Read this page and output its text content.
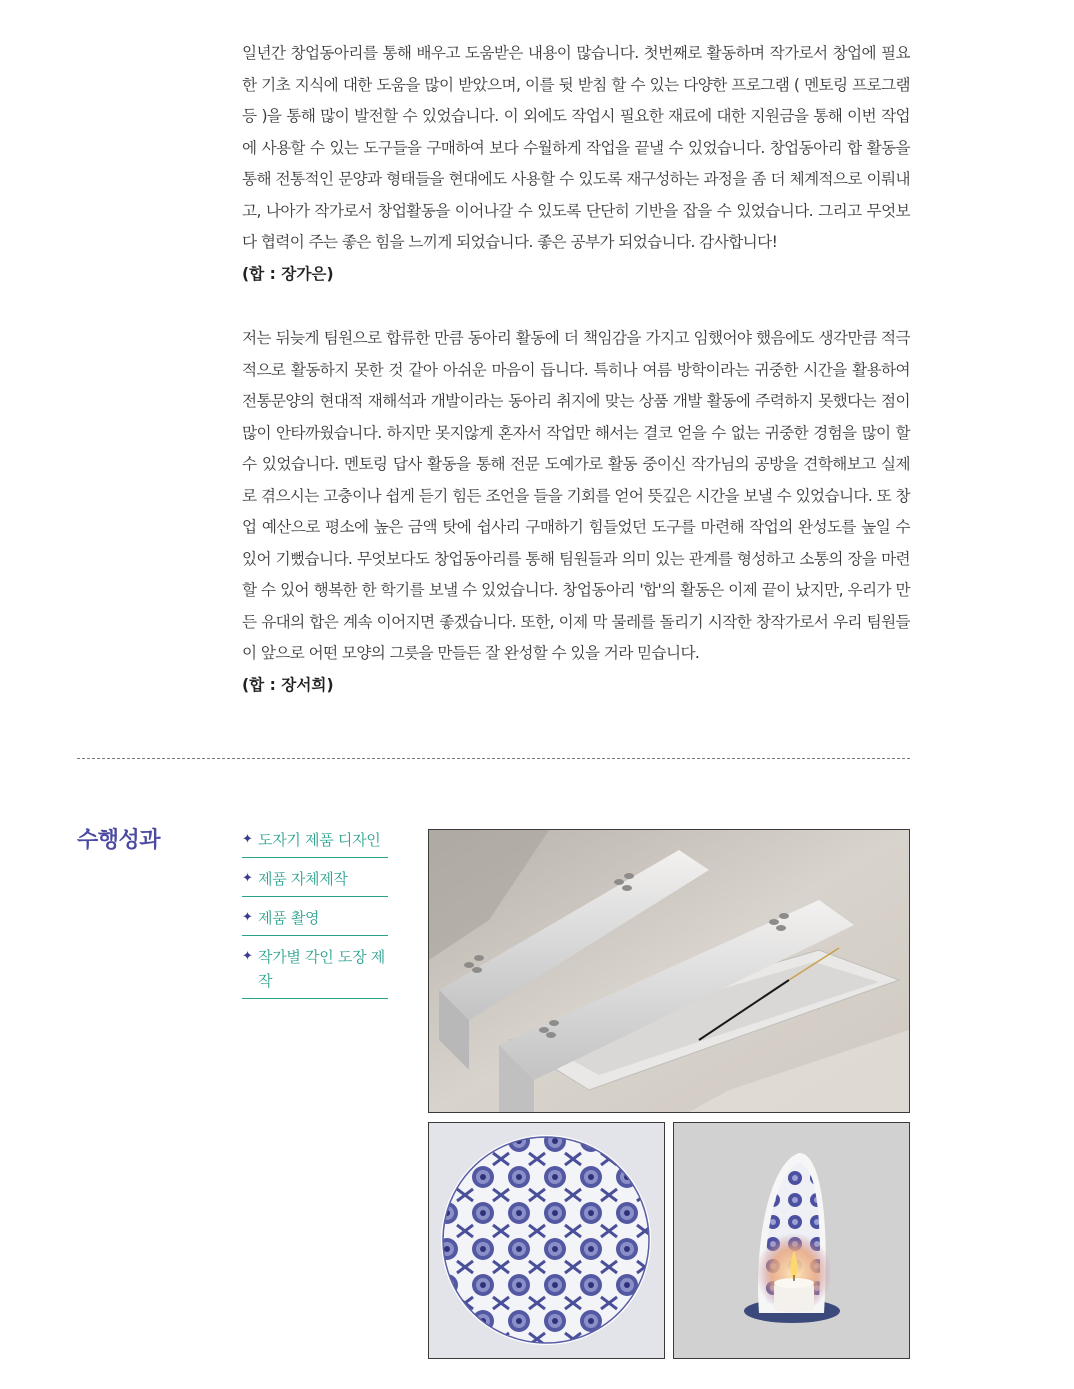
일년간 창업동아리를 통해 배우고 도움받은 내용이 많습니다. 첫번째로 활동하며 작가로서 창업에 필요한 기초 지식에 대한 도움을 많이 받았으며, 이를 뒷 받침 할 수 있는 다양한 프로그램 ( 멘토링 프로그램 등 )을 통해 많이 발전할 수 있었습니다. 이 외에도 작업시 필요한 재료에 대한 지원금을 통해 이번 작업에 사용할 수 있는 도구들을 구매하여 보다 수월하게 작업을 끝낼 수 있었습니다. 창업동아리 합 활동을 통해 전통적인 문양과 형태들을 현대에도 사용할 수 있도록 재구성하는 과정을 좀 더 체계적으로 이뤄내고, 나아가 작가로서 창업활동을 이어나갈 수 있도록 단단히 기반을 잡을 수 있었습니다. 그리고 무엇보다 협력이 주는 좋은 힘을 느끼게 되었습니다. 좋은 공부가 되었습니다. 감사합니다!

(합 : 장가은)

저는 뒤늦게 팀원으로 합류한 만큼 동아리 활동에 더 책임감을 가지고 임했어야 했음에도 생각만큼 적극적으로 활동하지 못한 것 같아 아쉬운 마음이 듭니다. 특히나 여름 방학이라는 귀중한 시간을 활용하여 전통문양의 현대적 재해석과 개발이라는 동아리 취지에 맞는 상품 개발 활동에 주력하지 못했다는 점이 많이 안타까웠습니다. 하지만 못지않게 혼자서 작업만 해서는 결코 얻을 수 없는 귀중한 경험을 많이 할 수 있었습니다. 멘토링 답사 활동을 통해 전문 도예가로 활동 중이신 작가님의 공방을 견학해보고 실제로 겪으시는 고충이나 쉽게 듣기 힘든 조언을 들을 기회를 얻어 뜻깊은 시간을 보낼 수 있었습니다. 또 창업 예산으로 평소에 높은 금액 탓에 쉽사리 구매하기 힘들었던 도구를 마련해 작업의 완성도를 높일 수 있어 기뻤습니다. 무엇보다도 창업동아리를 통해 팀원들과 의미 있는 관계를 형성하고 소통의 장을 마련할 수 있어 행복한 한 학기를 보낼 수 있었습니다. 창업동아리 '합'의 활동은 이제 끝이 났지만, 우리가 만든 유대의 합은 계속 이어지면 좋겠습니다. 또한, 이제 막 물레를 돌리기 시작한 창작가로서 우리 팀원들이 앞으로 어떤 모양의 그릇을 만들든 잘 완성할 수 있을 거라 믿습니다.

(합 : 장서희)

수행성과	✦ 도자기 제품 디자인
✦ 제품 자체제작
✦ 제품 촬영
✦ 작가별 각인 도장 제작
